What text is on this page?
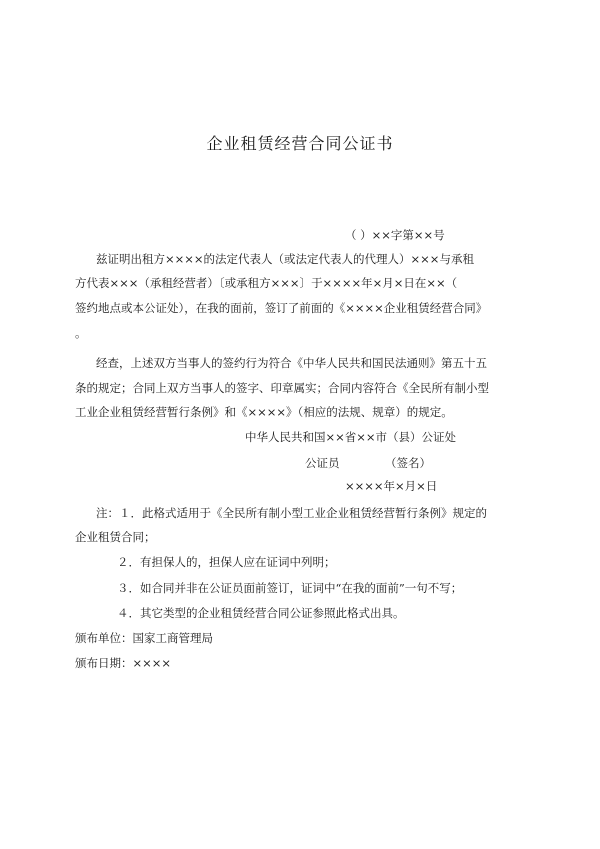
企业租赁经营合同公证书
（ ）××字第××号
兹证明出租方××××的法定代表人（或法定代表人的代理人）×××与承租
方代表×××（承租经营者）〔或承租方×××〕于××××年×月×日在××（
签约地点或本公证处），在我的面前，签订了前面的《××××企业租赁经营合同》
。
经查，上述双方当事人的签约行为符合《中华人民共和国民法通则》第五十五
条的规定；合同上双方当事人的签字、印章属实；合同内容符合《全民所有制小型
工业企业租赁经营暂行条例》和《××××》（相应的法规、规章）的规定。
中华人民共和国××省××市（县）公证处
公证员	（签名）
××××年×月×日
注：１．此格式适用于《全民所有制小型工业企业租赁经营暂行条例》规定的
企业租赁合同；
２．有担保人的，担保人应在证词中列明；
３．如合同并非在公证员面前签订，证词中“在我的面前”一句不写；
４．其它类型的企业租赁经营合同公证参照此格式出具。
颁布单位：国家工商管理局
颁布日期：××××
